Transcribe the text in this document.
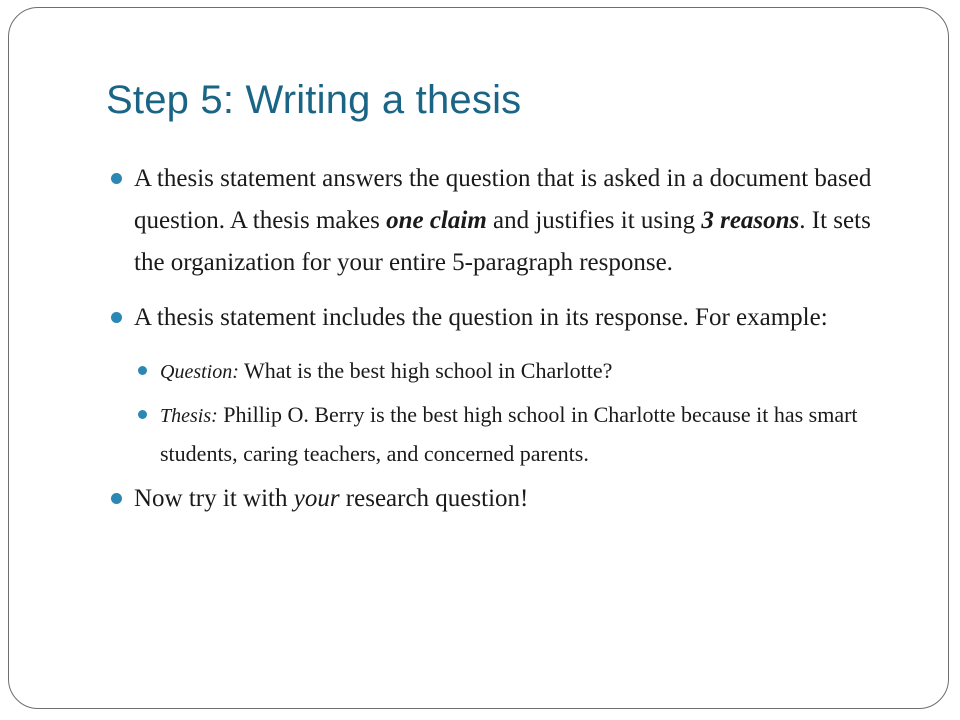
Step 5: Writing a thesis

A thesis statement answers the question that is asked in a document based question. A thesis makes one claim and justifies it using 3 reasons. It sets the organization for your entire 5-paragraph response.

A thesis statement includes the question in its response. For example:

Question: What is the best high school in Charlotte?

Thesis: Phillip O. Berry is the best high school in Charlotte because it has smart students, caring teachers, and concerned parents.

Now try it with your research question!
